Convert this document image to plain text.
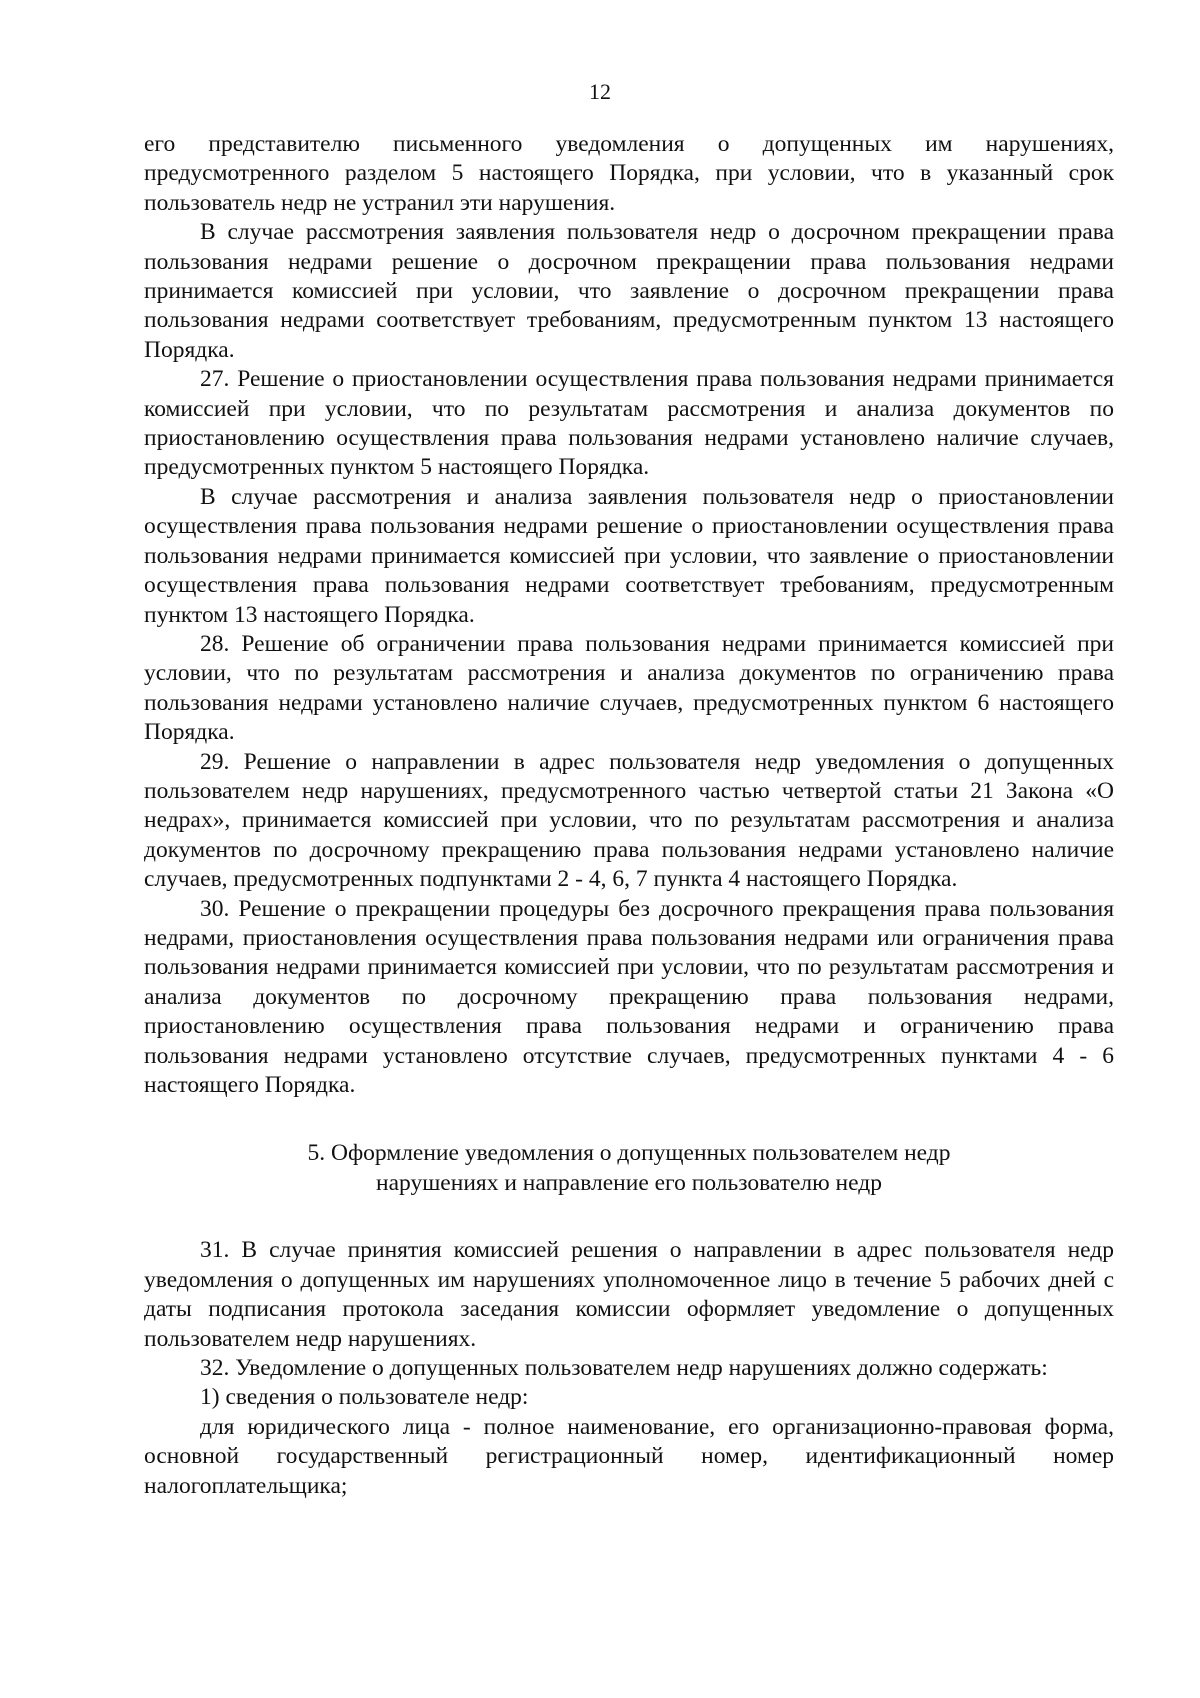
12

его представителю письменного уведомления о допущенных им нарушениях, предусмотренного разделом 5 настоящего Порядка, при условии, что в указанный срок пользователь недр не устранил эти нарушения.

В случае рассмотрения заявления пользователя недр о досрочном прекращении права пользования недрами решение о досрочном прекращении права пользования недрами принимается комиссией при условии, что заявление о досрочном прекращении права пользования недрами соответствует требованиям, предусмотренным пунктом 13 настоящего Порядка.

27. Решение о приостановлении осуществления права пользования недрами принимается комиссией при условии, что по результатам рассмотрения и анализа документов по приостановлению осуществления права пользования недрами установлено наличие случаев, предусмотренных пунктом 5 настоящего Порядка.

В случае рассмотрения и анализа заявления пользователя недр о приостановлении осуществления права пользования недрами решение о приостановлении осуществления права пользования недрами принимается комиссией при условии, что заявление о приостановлении осуществления права пользования недрами соответствует требованиям, предусмотренным пунктом 13 настоящего Порядка.

28. Решение об ограничении права пользования недрами принимается комиссией при условии, что по результатам рассмотрения и анализа документов по ограничению права пользования недрами установлено наличие случаев, предусмотренных пунктом 6 настоящего Порядка.

29. Решение о направлении в адрес пользователя недр уведомления о допущенных пользователем недр нарушениях, предусмотренного частью четвертой статьи 21 Закона «О недрах», принимается комиссией при условии, что по результатам рассмотрения и анализа документов по досрочному прекращению права пользования недрами установлено наличие случаев, предусмотренных подпунктами 2 - 4, 6, 7 пункта 4 настоящего Порядка.

30. Решение о прекращении процедуры без досрочного прекращения права пользования недрами, приостановления осуществления права пользования недрами или ограничения права пользования недрами принимается комиссией при условии, что по результатам рассмотрения и анализа документов по досрочному прекращению права пользования недрами, приостановлению осуществления права пользования недрами и ограничению права пользования недрами установлено отсутствие случаев, предусмотренных пунктами 4 - 6 настоящего Порядка.

5. Оформление уведомления о допущенных пользователем недр
нарушениях и направление его пользователю недр

31. В случае принятия комиссией решения о направлении в адрес пользователя недр уведомления о допущенных им нарушениях уполномоченное лицо в течение 5 рабочих дней с даты подписания протокола заседания комиссии оформляет уведомление о допущенных пользователем недр нарушениях.

32. Уведомление о допущенных пользователем недр нарушениях должно содержать:

1) сведения о пользователе недр:

для юридического лица - полное наименование, его организационно-правовая форма, основной государственный регистрационный номер, идентификационный номер налогоплательщика;
